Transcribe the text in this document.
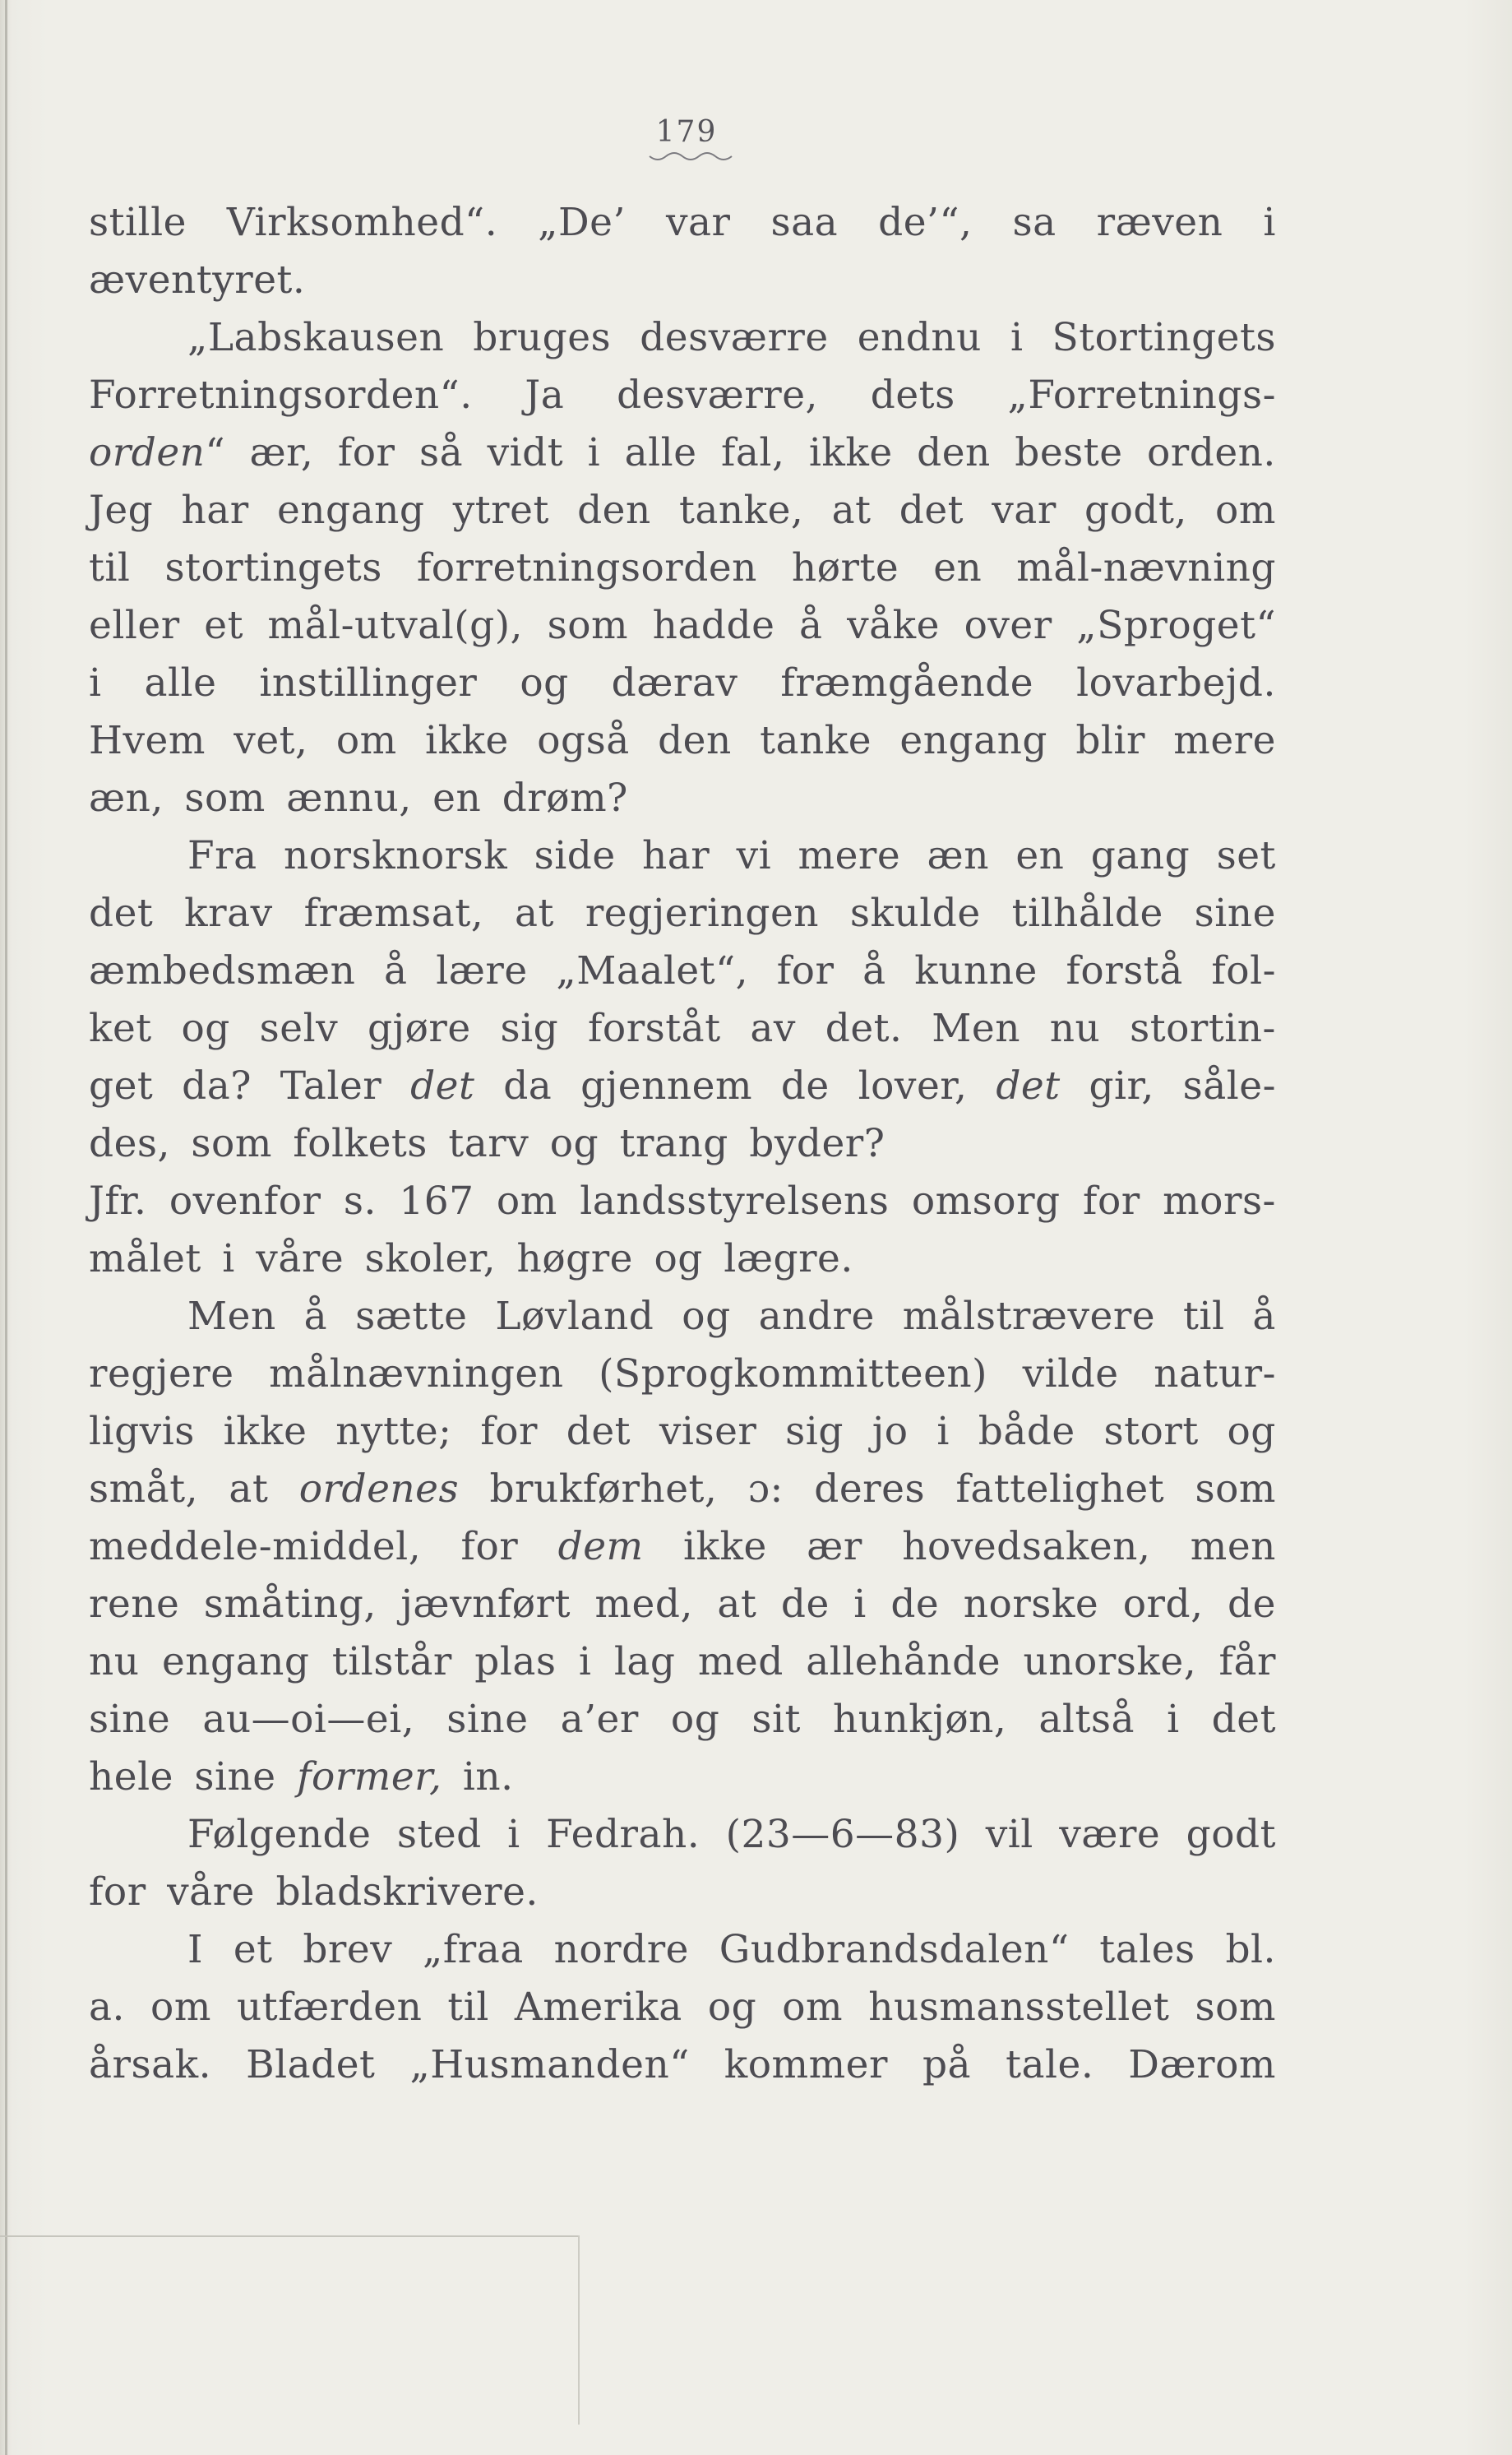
179
stille Virksomhed“. „De’ var saa de’“, sa ræven i
æventyret.
„Labskausen bruges desværre endnu i Stortingets
Forretningsorden“. Ja desværre, dets „Forretnings-
orden“ ær, for så vidt i alle fal, ikke den beste orden.
Jeg har engang ytret den tanke, at det var godt, om
til stortingets forretningsorden hørte en mål-nævning
eller et mål-utval(g), som hadde å våke over „Sproget“
i alle instillinger og dærav fræmgående lovarbejd.
Hvem vet, om ikke også den tanke engang blir mere
æn, som ænnu, en drøm?
Fra norsknorsk side har vi mere æn en gang set
det krav fræmsat, at regjeringen skulde tilhålde sine
æmbedsmæn å lære „Maalet“, for å kunne forstå fol-
ket og selv gjøre sig forståt av det. Men nu stortin-
get da? Taler det da gjennem de lover, det gir, såle-
des, som folkets tarv og trang byder?
Jfr. ovenfor s. 167 om landsstyrelsens omsorg for mors-
målet i våre skoler, høgre og lægre.
Men å sætte Løvland og andre målstrævere til å
regjere målnævningen (Sprogkommitteen) vilde natur-
ligvis ikke nytte; for det viser sig jo i både stort og
småt, at ordenes brukførhet, ɔ: deres fattelighet som
meddele-middel, for dem ikke ær hovedsaken, men
rene småting, jævnført med, at de i de norske ord, de
nu engang tilstår plas i lag med allehånde unorske, får
sine au—oi—ei, sine a’er og sit hunkjøn, altså i det
hele sine former, in.
Følgende sted i Fedrah. (23—6—83) vil være godt
for våre bladskrivere.
I et brev „fraa nordre Gudbrandsdalen“ tales bl.
a. om utfærden til Amerika og om husmansstellet som
årsak. Bladet „Husmanden“ kommer på tale. Dærom
